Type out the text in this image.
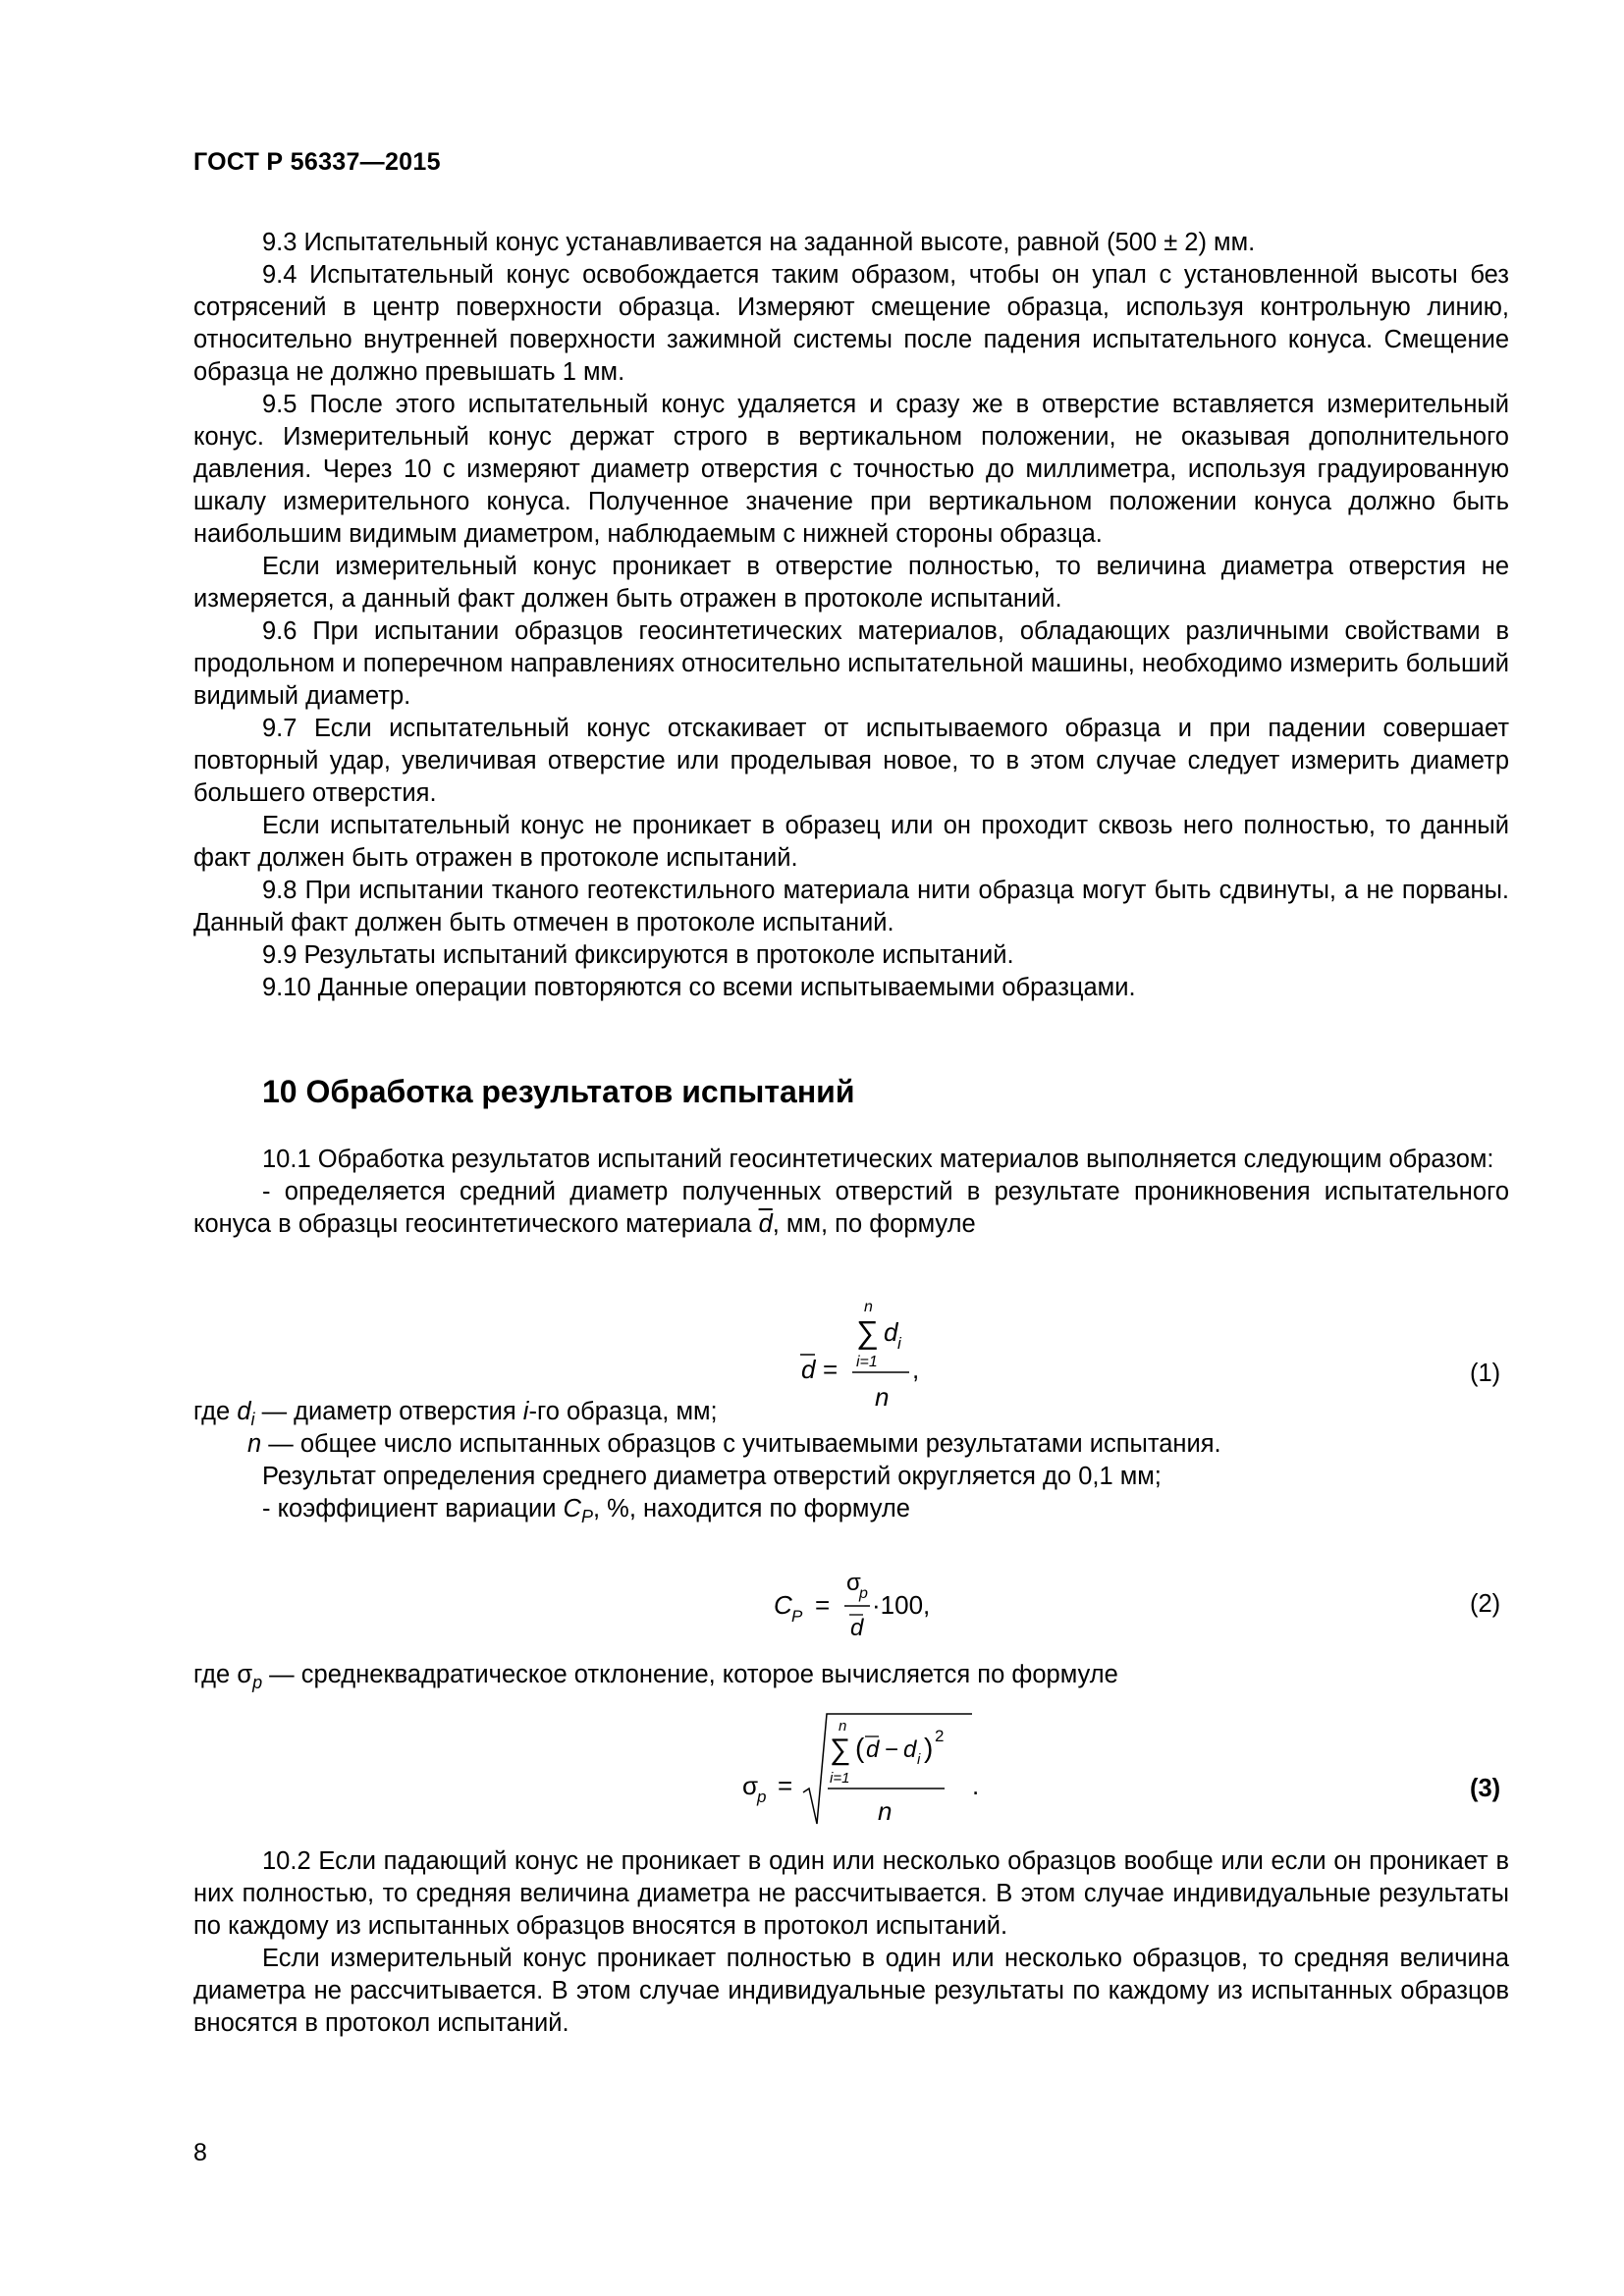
ГОСТ Р 56337—2015

9.3 Испытательный конус устанавливается на заданной высоте, равной (500 ± 2) мм.

9.4 Испытательный конус освобождается таким образом, чтобы он упал с установленной высоты без сотрясений в центр поверхности образца. Измеряют смещение образца, используя контрольную линию, относительно внутренней поверхности зажимной системы после падения испытательного конуса. Смещение образца не должно превышать 1 мм.

9.5 После этого испытательный конус удаляется и сразу же в отверстие вставляется измерительный конус. Измерительный конус держат строго в вертикальном положении, не оказывая дополнительного давления. Через 10 с измеряют диаметр отверстия с точностью до миллиметра, используя градуированную шкалу измерительного конуса. Полученное значение при вертикальном положении конуса должно быть наибольшим видимым диаметром, наблюдаемым с нижней стороны образца.

Если измерительный конус проникает в отверстие полностью, то величина диаметра отверстия не измеряется, а данный факт должен быть отражен в протоколе испытаний.

9.6 При испытании образцов геосинтетических материалов, обладающих различными свойствами в продольном и поперечном направлениях относительно испытательной машины, необходимо измерить больший видимый диаметр.

9.7 Если испытательный конус отскакивает от испытываемого образца и при падении совершает повторный удар, увеличивая отверстие или проделывая новое, то в этом случае следует измерить диаметр большего отверстия.

Если испытательный конус не проникает в образец или он проходит сквозь него полностью, то данный факт должен быть отражен в протоколе испытаний.

9.8 При испытании тканого геотекстильного материала нити образца могут быть сдвинуты, а не порваны. Данный факт должен быть отмечен в протоколе испытаний.

9.9 Результаты испытаний фиксируются в протоколе испытаний.

9.10 Данные операции повторяются со всеми испытываемыми образцами.

10 Обработка результатов испытаний

10.1 Обработка результатов испытаний геосинтетических материалов выполняется следующим образом:

- определяется средний диаметр полученных отверстий в результате проникновения испытательного конуса в образцы геосинтетического материала $\overline{d}$, мм, по формуле

d =
n
∑ d i
i=1
n
,	(1)
где $d_i$ — диаметр отверстия i-го образца, мм;
n — общее число испытанных образцов с учитываемыми результатами испытания.
Результат определения среднего диаметра отверстий округляется до 0,1 мм;
- коэффициент вариации $C_P$, %, находится по формуле
C P =
σ
p
d
·100,	(2)
где $\sigma_p$ — среднеквадратическое отклонение, которое вычисляется по формуле
σ
p =
n
∑ ( d − d i ) 2
i=1
n
.	(3)

10.2 Если падающий конус не проникает в один или несколько образцов вообще или если он проникает в них полностью, то средняя величина диаметра не рассчитывается. В этом случае индивидуальные результаты по каждому из испытанных образцов вносятся в протокол испытаний.

Если измерительный конус проникает полностью в один или несколько образцов, то средняя величина диаметра не рассчитывается. В этом случае индивидуальные результаты по каждому из испытанных образцов вносятся в протокол испытаний.

8
